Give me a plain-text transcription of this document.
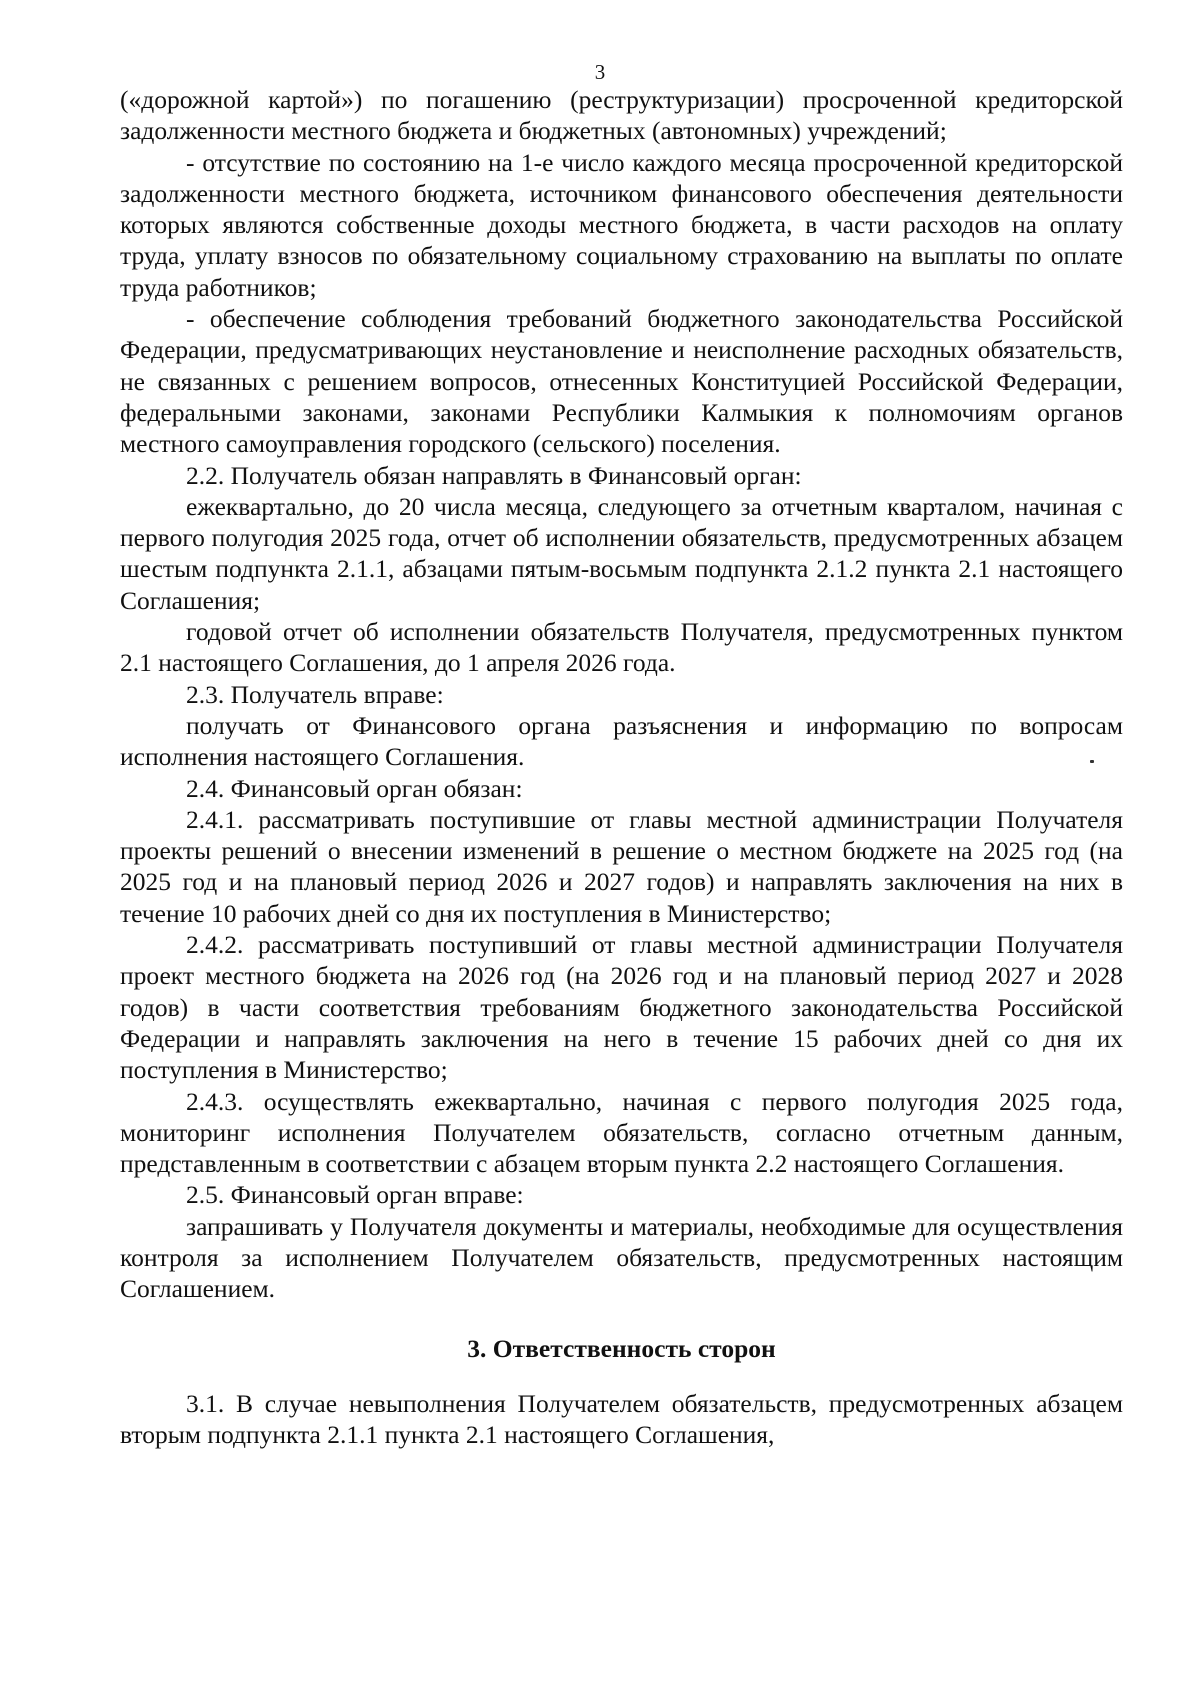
3

(«дорожной картой») по погашению (реструктуризации) просроченной кредиторской задолженности местного бюджета и бюджетных (автономных) учреждений;

- отсутствие по состоянию на 1-е число каждого месяца просроченной кредиторской задолженности местного бюджета, источником финансового обеспечения деятельности которых являются собственные доходы местного бюджета, в части расходов на оплату труда, уплату взносов по обязательному социальному страхованию на выплаты по оплате труда работников;

- обеспечение соблюдения требований бюджетного законодательства Российской Федерации, предусматривающих неустановление и неисполнение расходных обязательств, не связанных с решением вопросов, отнесенных Конституцией Российской Федерации, федеральными законами, законами Республики Калмыкия к полномочиям органов местного самоуправления городского (сельского) поселения.

2.2. Получатель обязан направлять в Финансовый орган:

ежеквартально, до 20 числа месяца, следующего за отчетным кварталом, начиная с первого полугодия 2025 года, отчет об исполнении обязательств, предусмотренных абзацем шестым подпункта 2.1.1, абзацами пятым-восьмым подпункта 2.1.2 пункта 2.1 настоящего Соглашения;

годовой отчет об исполнении обязательств Получателя, предусмотренных пунктом 2.1 настоящего Соглашения, до 1 апреля 2026 года.

2.3. Получатель вправе:

получать от Финансового органа разъяснения и информацию по вопросам исполнения настоящего Соглашения.

2.4. Финансовый орган обязан:

2.4.1. рассматривать поступившие от главы местной администрации Получателя проекты решений о внесении изменений в решение о местном бюджете на 2025 год (на 2025 год и на плановый период 2026 и 2027 годов) и направлять заключения на них в течение 10 рабочих дней со дня их поступления в Министерство;

2.4.2. рассматривать поступивший от главы местной администрации Получателя проект местного бюджета на 2026 год (на 2026 год и на плановый период 2027 и 2028 годов) в части соответствия требованиям бюджетного законодательства Российской Федерации и направлять заключения на него в течение 15 рабочих дней со дня их поступления в Министерство;

2.4.3. осуществлять ежеквартально, начиная с первого полугодия 2025 года, мониторинг исполнения Получателем обязательств, согласно отчетным данным, представленным в соответствии с абзацем вторым пункта 2.2 настоящего Соглашения.

2.5. Финансовый орган вправе:

запрашивать у Получателя документы и материалы, необходимые для осуществления контроля за исполнением Получателем обязательств, предусмотренных настоящим Соглашением.

3. Ответственность сторон

3.1. В случае невыполнения Получателем обязательств, предусмотренных абзацем вторым подпункта 2.1.1 пункта 2.1 настоящего Соглашения,
